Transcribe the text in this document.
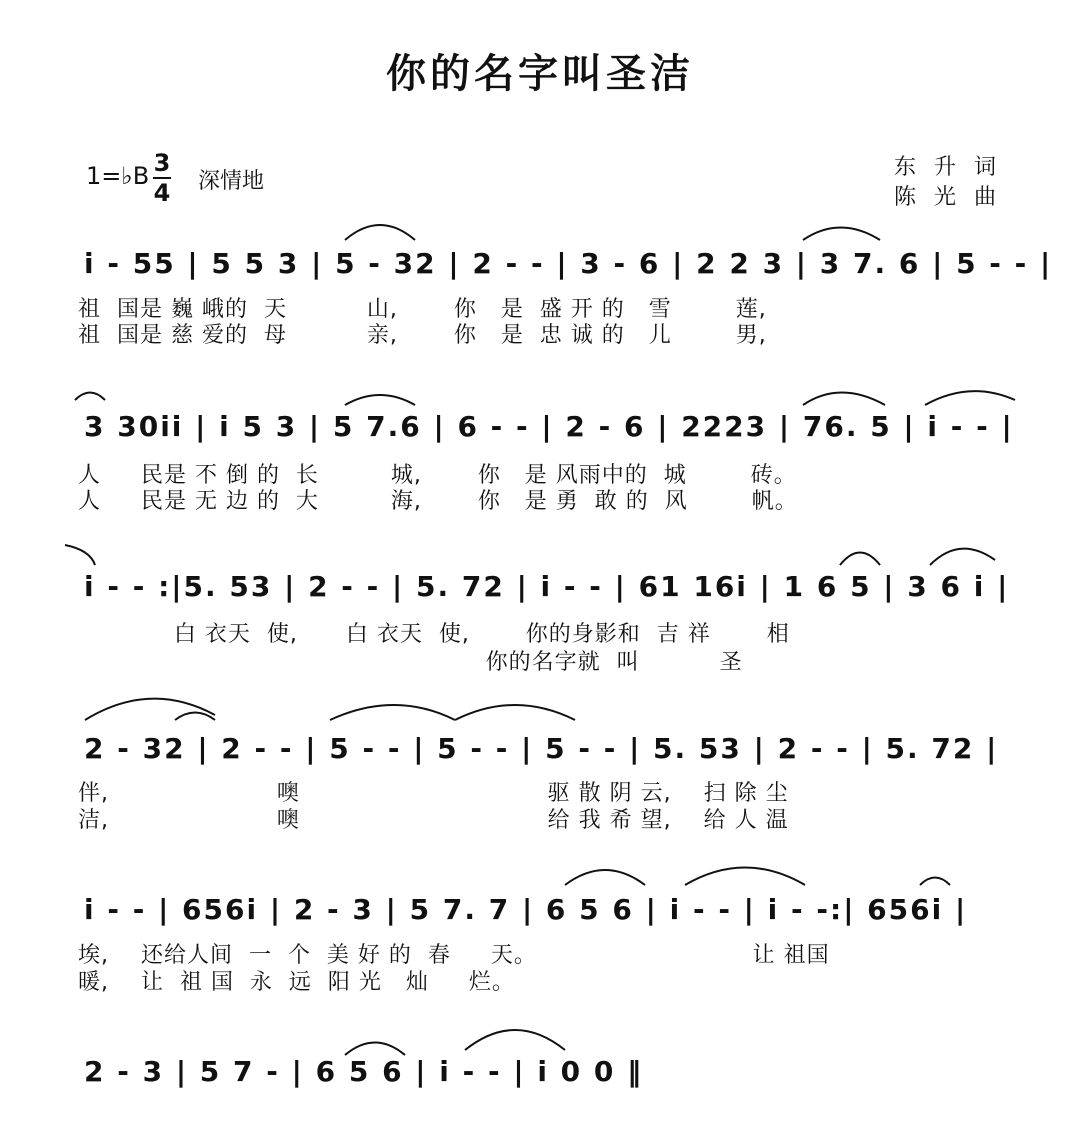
你的名字叫圣洁
1=♭B 3
4 深情地
东升词
陈光曲
i - 55 | 5 5 3 | 5 - 32 | 2 - - | 3 - 6 | 2 2 3 | 3 7. 6 | 5 - - |
祖  国是 巍 峨的  天          山,       你   是  盛 开 的   雪        莲,
祖  国是 慈 爱的  母          亲,       你   是  忠 诚 的   儿        男,
3 30ii | i 5 3 | 5 7.6 | 6 - - | 2 - 6 | 2223 | 76. 5 | i - - |
人     民是 不 倒 的  长         城,       你   是 风雨中的  城        砖。
人     民是 无 边 的  大         海,       你   是 勇  敢 的  风        帆。
i - - :|5. 53 | 2 - - | 5. 72 | i - - | 61 16i | 1 6 5 | 3 6 i |
白 衣天  使,      白 衣天  使,       你的身影和  吉 祥       相
你的名字就  叫          圣
2 - 32 | 2 - - | 5 - - | 5 - - | 5 - - | 5. 53 | 2 - - | 5. 72 |
伴,                     噢                               驱 散 阴 云,    扫 除 尘
洁,                     噢                               给 我 希 望,    给 人 温
i - - | 656i | 2 - 3 | 5 7. 7 | 6 5 6 | i - - | i - -:| 656i |
埃,    还给人间  一  个  美 好 的  春     天。                           让 祖国
暖,    让  祖 国  永  远  阳 光   灿     烂。
2 - 3 | 5 7 - | 6 5 6 | i - - | i 0 0 ‖
